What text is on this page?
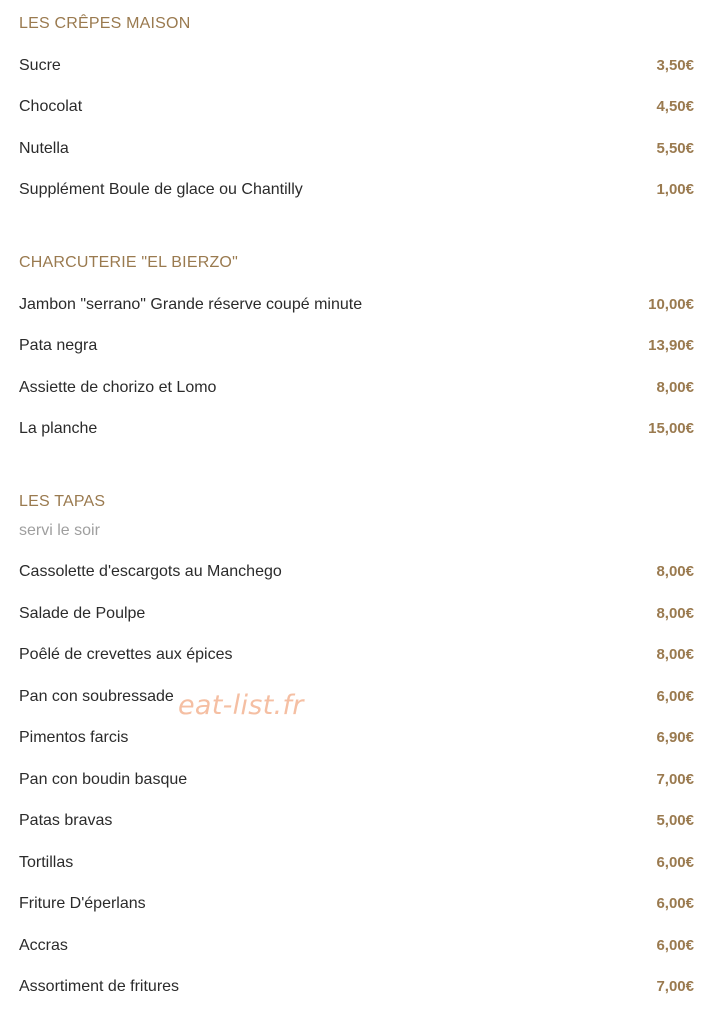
LES CRÊPES MAISON
Sucre	3,50€
Chocolat	4,50€
Nutella	5,50€
Supplément Boule de glace ou Chantilly	1,00€
CHARCUTERIE "EL BIERZO"
Jambon "serrano" Grande réserve coupé minute	10,00€
Pata negra	13,90€
Assiette de chorizo et Lomo	8,00€
La planche	15,00€
LES TAPAS
servi le soir
Cassolette d'escargots au Manchego	8,00€
Salade de Poulpe	8,00€
Poêlé de crevettes aux épices	8,00€
Pan con soubressade	6,00€
Pimentos farcis	6,90€
Pan con boudin basque	7,00€
Patas bravas	5,00€
Tortillas	6,00€
Friture D'éperlans	6,00€
Accras	6,00€
Assortiment de fritures	7,00€
eat-list.fr
